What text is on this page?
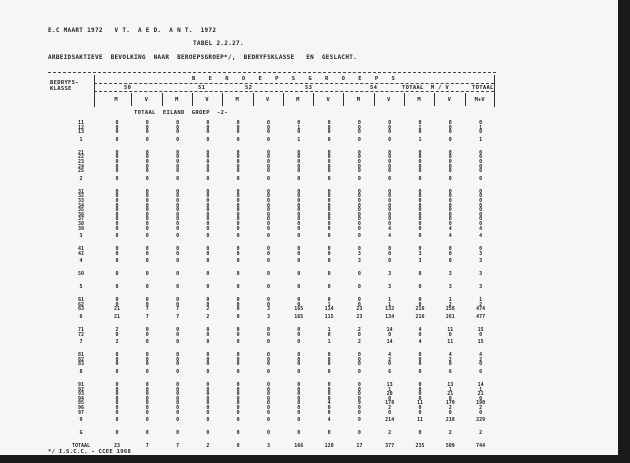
E.C MAART 1972   V T.  A E D.  A N T.  1972
TABEL 2.2.27.
ARBEIDSAKTIEVE  BEVOLKING  NAAR  BEROEPSGROEP*/,  BEDRYFSKLASSE   EN  GESLACHT.
BEDRYFS-
KLASSE
B E R O E P S G R O E P S
50	51	52	53	54	TOTAAL  M / V	TOTAAL
M	V	M	V	M	V	M	V	M	V	M	V	M+V
TOTAAL  EILAND  GROEP  -2-
11	0	0	0	0	0	0	0	0	0	0	0	0	0
12	0	0	0	0	0	0	1	0	0	0	1	0	1
13	0	0	0	0	0	0	0	0	0	0	0	0	0
1	0	0	0	0	0	0	1	0	0	0	1	0	1
21	0	0	0	0	0	0	0	0	0	0	0	0	0
22	0	0	0	0	0	0	0	0	0	0	0	0	0
23	0	0	0	0	0	0	0	0	0	0	0	0	0
24	0	0	0	0	0	0	0	0	0	0	0	0	0
25	0	0	0	0	0	0	0	0	0	0	0	0	0
2	0	0	0	0	0	0	0	0	0	0	0	0	0
31	0	0	0	0	0	0	0	0	0	0	0	0	0
32	0	0	0	0	0	0	0	0	0	0	0	0	0
33	0	0	0	0	0	0	0	0	0	0	0	0	0
34	0	0	0	0	0	0	0	0	0	0	0	0	0
35	0	0	0	0	0	0	0	0	0	0	0	0	0
36	0	0	0	0	0	0	0	0	0	0	0	0	0
37	0	0	0	0	0	0	0	0	0	0	0	0	0
38	0	0	0	0	0	0	0	0	0	0	0	0	0
39	0	0	0	0	0	0	0	0	0	4	0	4	4
3	0	0	0	0	0	0	0	0	0	4	0	4	4
41	0	0	0	0	0	0	0	0	0	0	0	0	0
42	0	0	0	0	0	0	0	0	3	0	3	0	3
4	0	0	0	0	0	0	0	0	3	0	3	0	3
50	0	0	0	0	0	0	0	0	0	3	0	3	3
5	0	0	0	0	0	0	0	0	0	3	0	3	3
61	0	0	0	0	0	0	0	0	0	1	0	1	1
62	0	0	0	0	0	0	0	1	0	1	0	2	2
63	21	7	7	2	0	3	165	114	23	132	216	258	474
6	21	7	7	2	0	3	165	115	23	134	216	261	477
71	2	0	0	0	0	0	0	1	2	14	4	11	15
72	0	0	0	0	0	0	0	0	0	0	0	0	0
7	2	0	0	0	0	0	0	1	2	14	4	11	15
81	0	0	0	0	0	0	0	0	0	4	0	4	4
82	0	0	0	0	0	0	0	0	0	2	0	2	2
83	0	0	0	0	0	0	0	0	0	0	0	0	0
8	0	0	0	0	0	0	0	0	0	6	0	6	6
91	0	0	0	0	0	0	0	0	0	13	0	13	14
92	0	0	0	0	0	0	0	0	0	1	0	1	1
93	0	0	0	0	0	0	0	0	0	20	0	21	21
94	0	0	0	0	0	0	0	0	0	0	0	0	0
95	0	0	0	0	0	0	0	4	9	178	11	179	190
96	0	0	0	0	0	0	0	0	0	2	0	2	2
97	0	0	0	0	0	0	0	0	0	0	0	0	0
9	0	0	0	0	0	0	0	4	9	214	11	218	229
G	0	0	0	0	0	0	0	0	0	2	0	2	2
TOTAAL	23	7	7	2	0	3	166	120	17	377	235	509	744
*/ I.S.C.C. - CCEE 1968
